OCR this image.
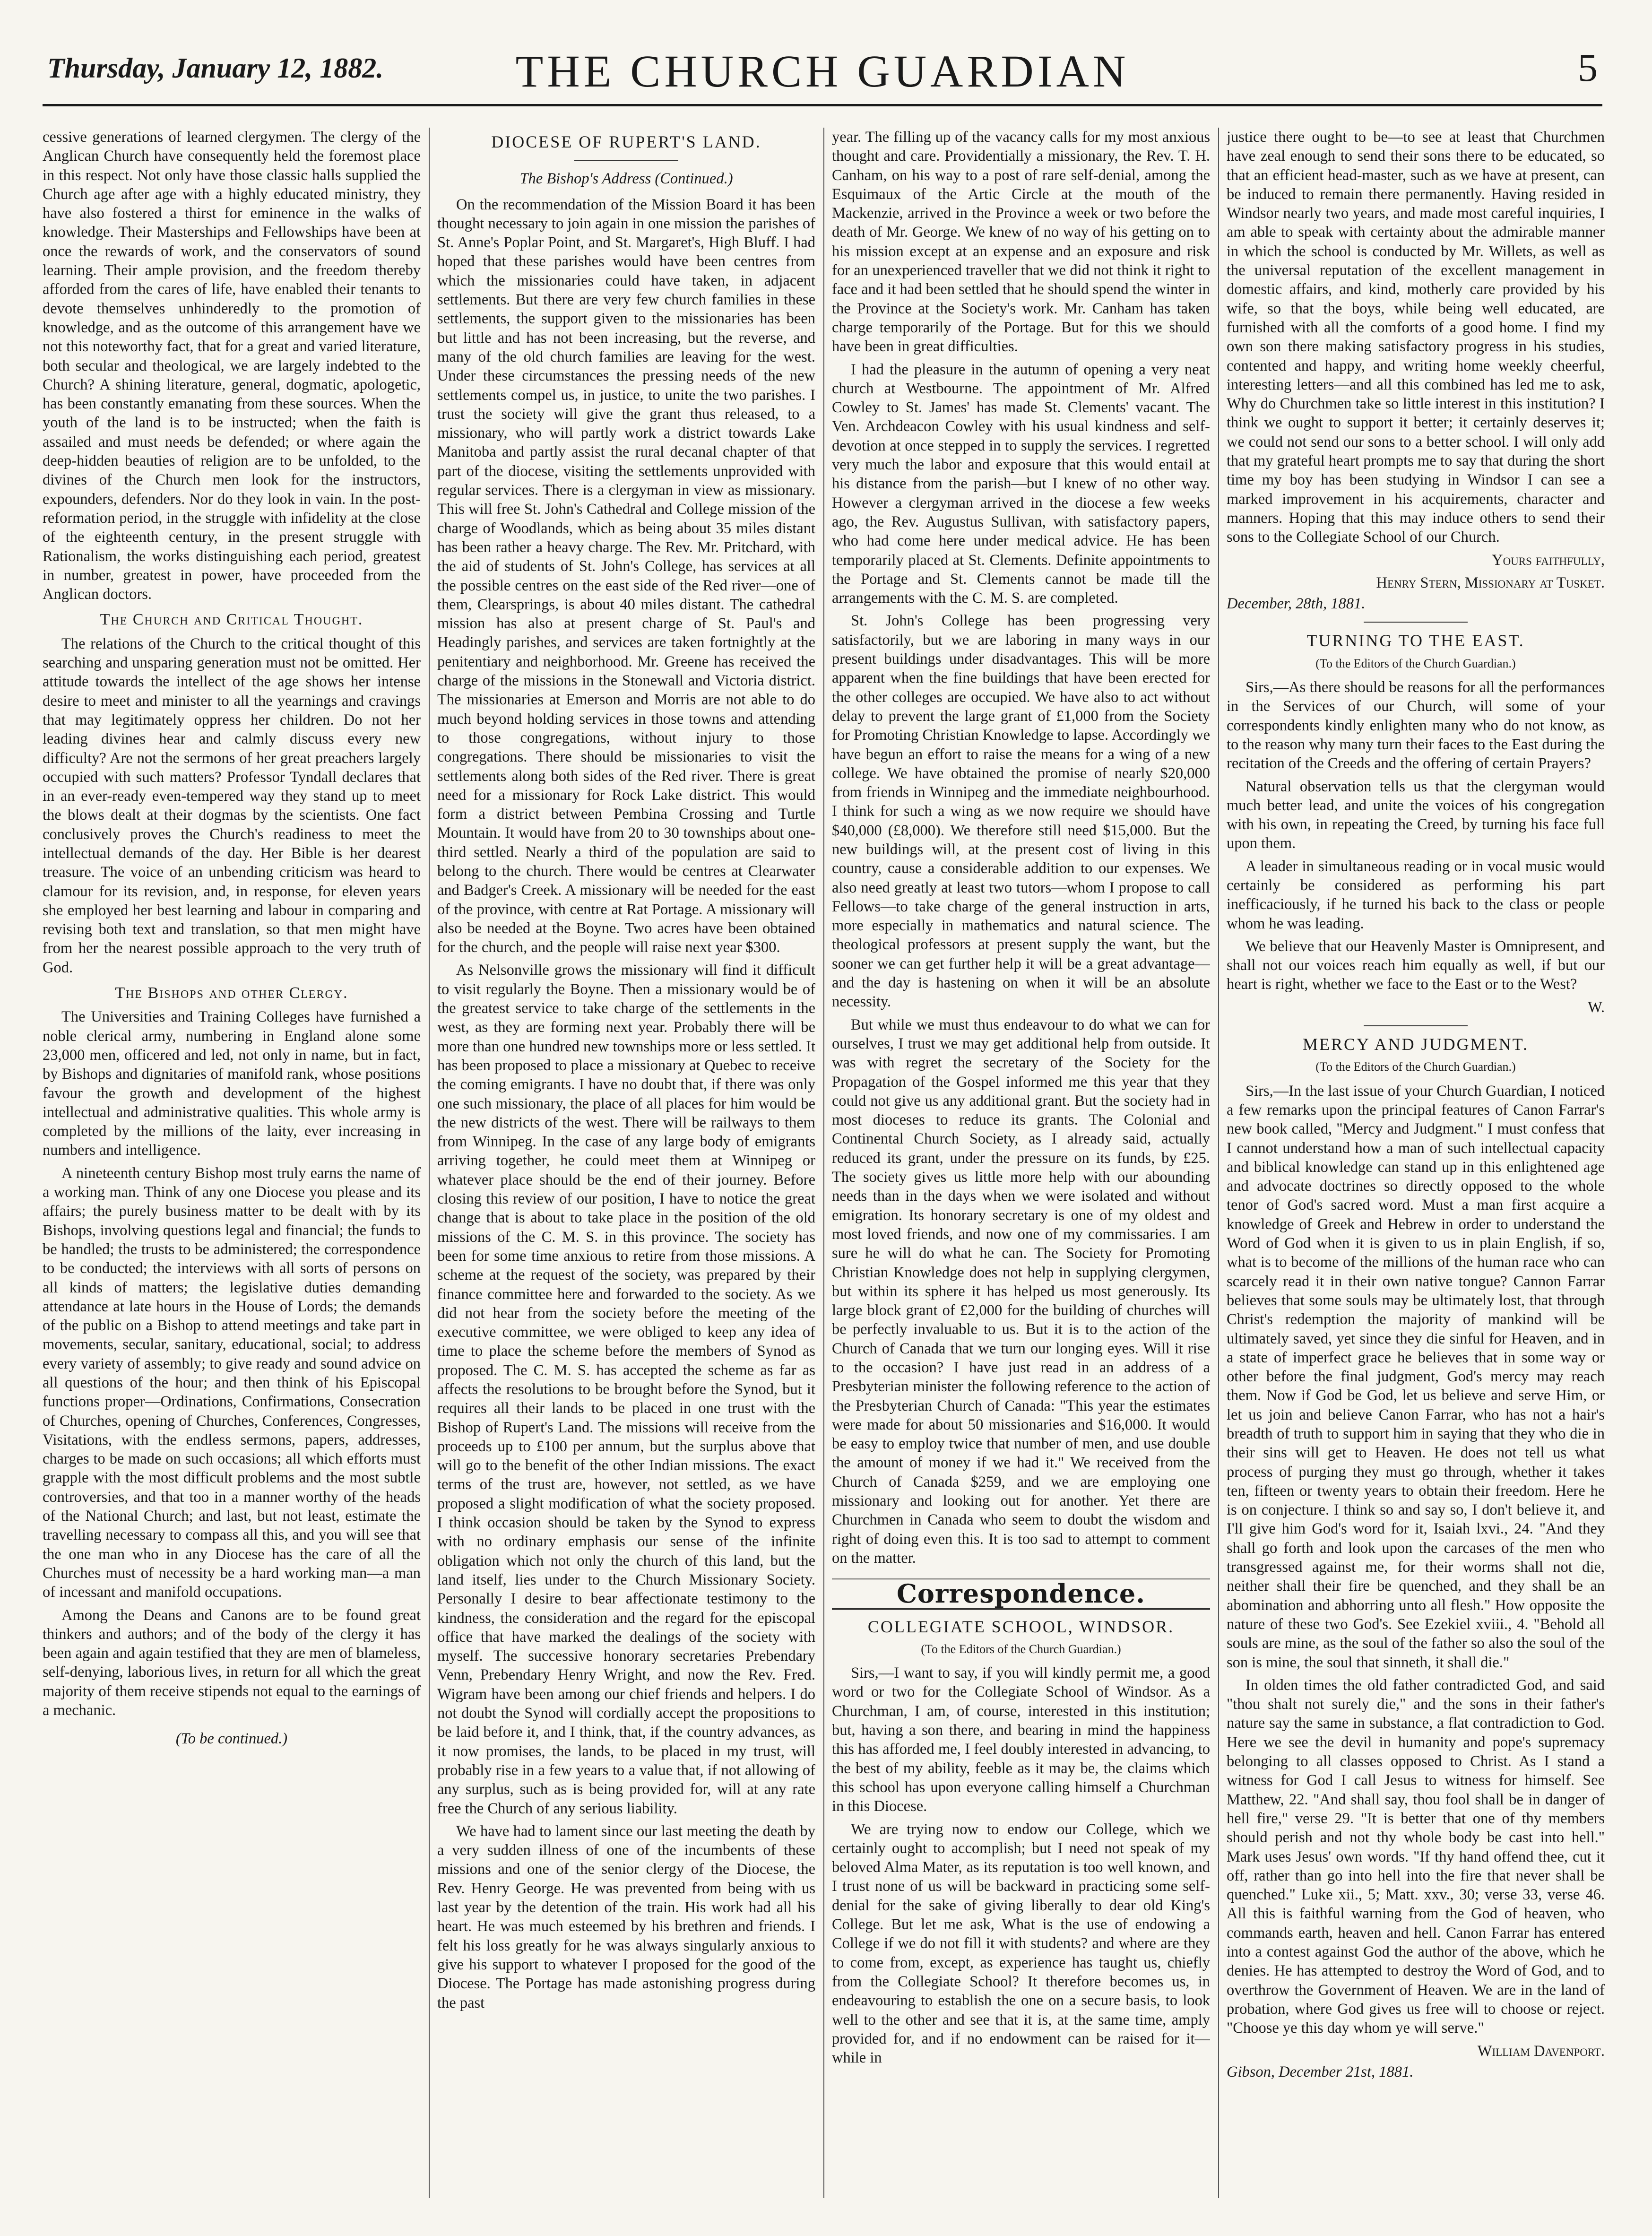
Thursday, January 12, 1882.	THE CHURCH GUARDIAN	5

cessive generations of learned clergymen. The clergy of the Anglican Church have consequently held the foremost place in this respect. Not only have those classic halls supplied the Church age after age with a highly educated ministry, they have also fostered a thirst for eminence in the walks of knowledge. Their Masterships and Fellowships have been at once the rewards of work, and the conservators of sound learning. Their ample provision, and the freedom thereby afforded from the cares of life, have enabled their tenants to devote themselves unhinderedly to the promotion of knowledge, and as the outcome of this arrangement have we not this noteworthy fact, that for a great and varied literature, both secular and theological, we are largely indebted to the Church? A shining literature, general, dogmatic, apologetic, has been constantly emanating from these sources. When the youth of the land is to be instructed; when the faith is assailed and must needs be defended; or where again the deep-hidden beauties of religion are to be unfolded, to the divines of the Church men look for the instructors, expounders, defenders. Nor do they look in vain. In the post-reformation period, in the struggle with infidelity at the close of the eighteenth century, in the present struggle with Rationalism, the works distinguishing each period, greatest in number, greatest in power, have proceeded from the Anglican doctors.

The Church and Critical Thought.

The relations of the Church to the critical thought of this searching and unsparing generation must not be omitted. Her attitude towards the intellect of the age shows her intense desire to meet and minister to all the yearnings and cravings that may legitimately oppress her children. Do not her leading divines hear and calmly discuss every new difficulty? Are not the sermons of her great preachers largely occupied with such matters? Professor Tyndall declares that in an ever-ready even-tempered way they stand up to meet the blows dealt at their dogmas by the scientists. One fact conclusively proves the Church's readiness to meet the intellectual demands of the day. Her Bible is her dearest treasure. The voice of an unbending criticism was heard to clamour for its revision, and, in response, for eleven years she employed her best learning and labour in comparing and revising both text and translation, so that men might have from her the nearest possible approach to the very truth of God.

The Bishops and other Clergy.

The Universities and Training Colleges have furnished a noble clerical army, numbering in England alone some 23,000 men, officered and led, not only in name, but in fact, by Bishops and dignitaries of manifold rank, whose positions favour the growth and development of the highest intellectual and administrative qualities. This whole army is completed by the millions of the laity, ever increasing in numbers and intelligence.

A nineteenth century Bishop most truly earns the name of a working man. Think of any one Diocese you please and its affairs; the purely business matter to be dealt with by its Bishops, involving questions legal and financial; the funds to be handled; the trusts to be administered; the correspondence to be conducted; the interviews with all sorts of persons on all kinds of matters; the legislative duties demanding attendance at late hours in the House of Lords; the demands of the public on a Bishop to attend meetings and take part in movements, secular, sanitary, educational, social; to address every variety of assembly; to give ready and sound advice on all questions of the hour; and then think of his Episcopal functions proper—Ordinations, Confirmations, Consecration of Churches, opening of Churches, Conferences, Congresses, Visitations, with the endless sermons, papers, addresses, charges to be made on such occasions; all which efforts must grapple with the most difficult problems and the most subtle controversies, and that too in a manner worthy of the heads of the National Church; and last, but not least, estimate the travelling necessary to compass all this, and you will see that the one man who in any Diocese has the care of all the Churches must of necessity be a hard working man—a man of incessant and manifold occupations.

Among the Deans and Canons are to be found great thinkers and authors; and of the body of the clergy it has been again and again testified that they are men of blameless, self-denying, laborious lives, in return for all which the great majority of them receive stipends not equal to the earnings of a mechanic.

(To be continued.)
DIOCESE OF RUPERT'S LAND.
The Bishop's Address (Continued.)

On the recommendation of the Mission Board it has been thought necessary to join again in one mission the parishes of St. Anne's Poplar Point, and St. Margaret's, High Bluff. I had hoped that these parishes would have been centres from which the missionaries could have taken, in adjacent settlements. But there are very few church families in these settlements, the support given to the missionaries has been but little and has not been increasing, but the reverse, and many of the old church families are leaving for the west. Under these circumstances the pressing needs of the new settlements compel us, in justice, to unite the two parishes. I trust the society will give the grant thus released, to a missionary, who will partly work a district towards Lake Manitoba and partly assist the rural decanal chapter of that part of the diocese, visiting the settlements unprovided with regular services. There is a clergyman in view as missionary. This will free St. John's Cathedral and College mission of the charge of Woodlands, which as being about 35 miles distant has been rather a heavy charge. The Rev. Mr. Pritchard, with the aid of students of St. John's College, has services at all the possible centres on the east side of the Red river—one of them, Clearsprings, is about 40 miles distant. The cathedral mission has also at present charge of St. Paul's and Headingly parishes, and services are taken fortnightly at the penitentiary and neighborhood. Mr. Greene has received the charge of the missions in the Stonewall and Victoria district. The missionaries at Emerson and Morris are not able to do much beyond holding services in those towns and attending to those congregations, without injury to those congregations. There should be missionaries to visit the settlements along both sides of the Red river. There is great need for a missionary for Rock Lake district. This would form a district between Pembina Crossing and Turtle Mountain. It would have from 20 to 30 townships about one-third settled. Nearly a third of the population are said to belong to the church. There would be centres at Clearwater and Badger's Creek. A missionary will be needed for the east of the province, with centre at Rat Portage. A missionary will also be needed at the Boyne. Two acres have been obtained for the church, and the people will raise next year $300.

As Nelsonville grows the missionary will find it difficult to visit regularly the Boyne. Then a missionary would be of the greatest service to take charge of the settlements in the west, as they are forming next year. Probably there will be more than one hundred new townships more or less settled. It has been proposed to place a missionary at Quebec to receive the coming emigrants. I have no doubt that, if there was only one such missionary, the place of all places for him would be the new districts of the west. There will be railways to them from Winnipeg. In the case of any large body of emigrants arriving together, he could meet them at Winnipeg or whatever place should be the end of their journey. Before closing this review of our position, I have to notice the great change that is about to take place in the position of the old missions of the C. M. S. in this province. The society has been for some time anxious to retire from those missions. A scheme at the request of the society, was prepared by their finance committee here and forwarded to the society. As we did not hear from the society before the meeting of the executive committee, we were obliged to keep any idea of time to place the scheme before the members of Synod as proposed. The C. M. S. has accepted the scheme as far as affects the resolutions to be brought before the Synod, but it requires all their lands to be placed in one trust with the Bishop of Rupert's Land. The missions will receive from the proceeds up to £100 per annum, but the surplus above that will go to the benefit of the other Indian missions. The exact terms of the trust are, however, not settled, as we have proposed a slight modification of what the society proposed. I think occasion should be taken by the Synod to express with no ordinary emphasis our sense of the infinite obligation which not only the church of this land, but the land itself, lies under to the Church Missionary Society. Personally I desire to bear affectionate testimony to the kindness, the consideration and the regard for the episcopal office that have marked the dealings of the society with myself. The successive honorary secretaries Prebendary Venn, Prebendary Henry Wright, and now the Rev. Fred. Wigram have been among our chief friends and helpers. I do not doubt the Synod will cordially accept the propositions to be laid before it, and I think, that, if the country advances, as it now promises, the lands, to be placed in my trust, will probably rise in a few years to a value that, if not allowing of any surplus, such as is being provided for, will at any rate free the Church of any serious liability.

We have had to lament since our last meeting the death by a very sudden illness of one of the incumbents of these missions and one of the senior clergy of the Diocese, the Rev. Henry George. He was prevented from being with us last year by the detention of the train. His work had all his heart. He was much esteemed by his brethren and friends. I felt his loss greatly for he was always singularly anxious to give his support to whatever I proposed for the good of the Diocese. The Portage has made astonishing progress during the past

year. The filling up of the vacancy calls for my most anxious thought and care. Providentially a missionary, the Rev. T. H. Canham, on his way to a post of rare self-denial, among the Esquimaux of the Artic Circle at the mouth of the Mackenzie, arrived in the Province a week or two before the death of Mr. George. We knew of no way of his getting on to his mission except at an expense and an exposure and risk for an unexperienced traveller that we did not think it right to face and it had been settled that he should spend the winter in the Province at the Society's work. Mr. Canham has taken charge temporarily of the Portage. But for this we should have been in great difficulties.

I had the pleasure in the autumn of opening a very neat church at Westbourne. The appointment of Mr. Alfred Cowley to St. James' has made St. Clements' vacant. The Ven. Archdeacon Cowley with his usual kindness and self-devotion at once stepped in to supply the services. I regretted very much the labor and exposure that this would entail at his distance from the parish—but I knew of no other way. However a clergyman arrived in the diocese a few weeks ago, the Rev. Augustus Sullivan, with satisfactory papers, who had come here under medical advice. He has been temporarily placed at St. Clements. Definite appointments to the Portage and St. Clements cannot be made till the arrangements with the C. M. S. are completed.

St. John's College has been progressing very satisfactorily, but we are laboring in many ways in our present buildings under disadvantages. This will be more apparent when the fine buildings that have been erected for the other colleges are occupied. We have also to act without delay to prevent the large grant of £1,000 from the Society for Promoting Christian Knowledge to lapse. Accordingly we have begun an effort to raise the means for a wing of a new college. We have obtained the promise of nearly $20,000 from friends in Winnipeg and the immediate neighbourhood. I think for such a wing as we now require we should have $40,000 (£8,000). We therefore still need $15,000. But the new buildings will, at the present cost of living in this country, cause a considerable addition to our expenses. We also need greatly at least two tutors—whom I propose to call Fellows—to take charge of the general instruction in arts, more especially in mathematics and natural science. The theological professors at present supply the want, but the sooner we can get further help it will be a great advantage—and the day is hastening on when it will be an absolute necessity.

But while we must thus endeavour to do what we can for ourselves, I trust we may get additional help from outside. It was with regret the secretary of the Society for the Propagation of the Gospel informed me this year that they could not give us any additional grant. But the society had in most dioceses to reduce its grants. The Colonial and Continental Church Society, as I already said, actually reduced its grant, under the pressure on its funds, by £25. The society gives us little more help with our abounding needs than in the days when we were isolated and without emigration. Its honorary secretary is one of my oldest and most loved friends, and now one of my commissaries. I am sure he will do what he can. The Society for Promoting Christian Knowledge does not help in supplying clergymen, but within its sphere it has helped us most generously. Its large block grant of £2,000 for the building of churches will be perfectly invaluable to us. But it is to the action of the Church of Canada that we turn our longing eyes. Will it rise to the occasion? I have just read in an address of a Presbyterian minister the following reference to the action of the Presbyterian Church of Canada: "This year the estimates were made for about 50 missionaries and $16,000. It would be easy to employ twice that number of men, and use double the amount of money if we had it." We received from the Church of Canada $259, and we are employing one missionary and looking out for another. Yet there are Churchmen in Canada who seem to doubt the wisdom and right of doing even this. It is too sad to attempt to comment on the matter.

Correspondence.
COLLEGIATE SCHOOL, WINDSOR.
(To the Editors of the Church Guardian.)

Sirs,—I want to say, if you will kindly permit me, a good word or two for the Collegiate School of Windsor. As a Churchman, I am, of course, interested in this institution; but, having a son there, and bearing in mind the happiness this has afforded me, I feel doubly interested in advancing, to the best of my ability, feeble as it may be, the claims which this school has upon everyone calling himself a Churchman in this Diocese.

We are trying now to endow our College, which we certainly ought to accomplish; but I need not speak of my beloved Alma Mater, as its reputation is too well known, and I trust none of us will be backward in practicing some self-denial for the sake of giving liberally to dear old King's College. But let me ask, What is the use of endowing a College if we do not fill it with students? and where are they to come from, except, as experience has taught us, chiefly from the Collegiate School? It therefore becomes us, in endeavouring to establish the one on a secure basis, to look well to the other and see that it is, at the same time, amply provided for, and if no endowment can be raised for it—while in

justice there ought to be—to see at least that Churchmen have zeal enough to send their sons there to be educated, so that an efficient head-master, such as we have at present, can be induced to remain there permanently. Having resided in Windsor nearly two years, and made most careful inquiries, I am able to speak with certainty about the admirable manner in which the school is conducted by Mr. Willets, as well as the universal reputation of the excellent management in domestic affairs, and kind, motherly care provided by his wife, so that the boys, while being well educated, are furnished with all the comforts of a good home. I find my own son there making satisfactory progress in his studies, contented and happy, and writing home weekly cheerful, interesting letters—and all this combined has led me to ask, Why do Churchmen take so little interest in this institution? I think we ought to support it better; it certainly deserves it; we could not send our sons to a better school. I will only add that my grateful heart prompts me to say that during the short time my boy has been studying in Windsor I can see a marked improvement in his acquirements, character and manners. Hoping that this may induce others to send their sons to the Collegiate School of our Church.

Yours faithfully,
Henry Stern, Missionary at Tusket.
December, 28th, 1881.
TURNING TO THE EAST.
(To the Editors of the Church Guardian.)

Sirs,—As there should be reasons for all the performances in the Services of our Church, will some of your correspondents kindly enlighten many who do not know, as to the reason why many turn their faces to the East during the recitation of the Creeds and the offering of certain Prayers?

Natural observation tells us that the clergyman would much better lead, and unite the voices of his congregation with his own, in repeating the Creed, by turning his face full upon them.

A leader in simultaneous reading or in vocal music would certainly be considered as performing his part inefficaciously, if he turned his back to the class or people whom he was leading.

We believe that our Heavenly Master is Omnipresent, and shall not our voices reach him equally as well, if but our heart is right, whether we face to the East or to the West?

W.
MERCY AND JUDGMENT.
(To the Editors of the Church Guardian.)

Sirs,—In the last issue of your Church Guardian, I noticed a few remarks upon the principal features of Canon Farrar's new book called, "Mercy and Judgment." I must confess that I cannot understand how a man of such intellectual capacity and biblical knowledge can stand up in this enlightened age and advocate doctrines so directly opposed to the whole tenor of God's sacred word. Must a man first acquire a knowledge of Greek and Hebrew in order to understand the Word of God when it is given to us in plain English, if so, what is to become of the millions of the human race who can scarcely read it in their own native tongue? Cannon Farrar believes that some souls may be ultimately lost, that through Christ's redemption the majority of mankind will be ultimately saved, yet since they die sinful for Heaven, and in a state of imperfect grace he believes that in some way or other before the final judgment, God's mercy may reach them. Now if God be God, let us believe and serve Him, or let us join and believe Canon Farrar, who has not a hair's breadth of truth to support him in saying that they who die in their sins will get to Heaven. He does not tell us what process of purging they must go through, whether it takes ten, fifteen or twenty years to obtain their freedom. Here he is on conjecture. I think so and say so, I don't believe it, and I'll give him God's word for it, Isaiah lxvi., 24. "And they shall go forth and look upon the carcases of the men who transgressed against me, for their worms shall not die, neither shall their fire be quenched, and they shall be an abomination and abhorring unto all flesh." How opposite the nature of these two God's. See Ezekiel xviii., 4. "Behold all souls are mine, as the soul of the father so also the soul of the son is mine, the soul that sinneth, it shall die."

In olden times the old father contradicted God, and said "thou shalt not surely die," and the sons in their father's nature say the same in substance, a flat contradiction to God. Here we see the devil in humanity and pope's supremacy belonging to all classes opposed to Christ. As I stand a witness for God I call Jesus to witness for himself. See Matthew, 22. "And shall say, thou fool shall be in danger of hell fire," verse 29. "It is better that one of thy members should perish and not thy whole body be cast into hell." Mark uses Jesus' own words. "If thy hand offend thee, cut it off, rather than go into hell into the fire that never shall be quenched." Luke xii., 5; Matt. xxv., 30; verse 33, verse 46. All this is faithful warning from the God of heaven, who commands earth, heaven and hell. Canon Farrar has entered into a contest against God the author of the above, which he denies. He has attempted to destroy the Word of God, and to overthrow the Government of Heaven. We are in the land of probation, where God gives us free will to choose or reject. "Choose ye this day whom ye will serve."

William Davenport.
Gibson, December 21st, 1881.
